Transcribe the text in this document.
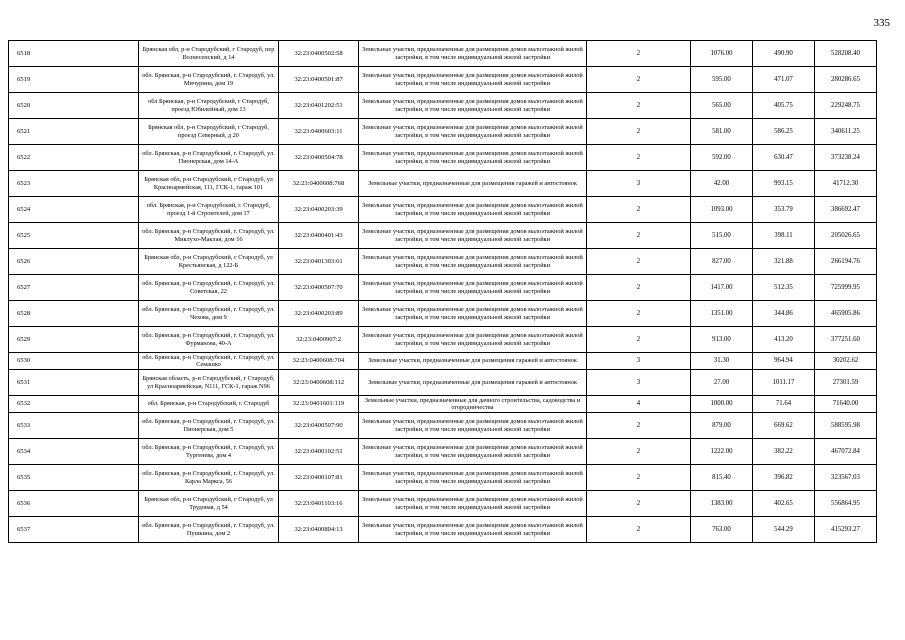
335
6518	Брянская обл, р-н Стародубский, г Стародуб, пер Вознесенский, д 14	32:23:0400502:58	Земельные участки, предназначенные для размещения домов малоэтажной жилой застройки, в том числе индивидуальной жилой застройки	2	1076.00	490.90	528208.40
6519	обл. Брянская, р-н Стародубский, г. Стародуб, ул. Мичурина, дом 19	32:23:0400501:87	Земельные участки, предназначенные для размещения домов малоэтажной жилой застройки, в том числе индивидуальной жилой застройки	2	595.00	471.07	280286.65
6520	обл Брянская, р-н Стародубский, г Стародуб, проезд Юбилейный, дом 13	32:23:0401202:51	Земельные участки, предназначенные для размещения домов малоэтажной жилой застройки, в том числе индивидуальной жилой застройки	2	565.00	405.75	229248.75
6521	Брянская обл, р-н Стародубский, г Стародуб, проезд Северный, д 20	32:23:0400603:11	Земельные участки, предназначенные для размещения домов малоэтажной жилой застройки, в том числе индивидуальной жилой застройки	2	581.00	586.25	340611.25
6522	обл. Брянская, р-н Стародубский, г. Стародуб, ул. Пионерская, дом 14-А	32:23:0400504:78	Земельные участки, предназначенные для размещения домов малоэтажной жилой застройки, в том числе индивидуальной жилой застройки	2	592.00	630.47	373238.24
6523	Брянская обл, р-н Стародубский, г Стародуб, ул Красноармейская, 111, ГСК-1, гараж 101	32:23:0400608:768	Земельные участки, предназначенные для размещения гаражей и автостоянок	3	42.00	993.15	41712.30
6524	обл. Брянская, р-н Стародубский, г. Стародуб, проезд 1-й Строителей, дом 17	32:23:0400203:39	Земельные участки, предназначенные для размещения домов малоэтажной жилой застройки, в том числе индивидуальной жилой застройки	2	1093.00	353.79	386692.47
6525	обл. Брянская, р-н Стародубский, г. Стародуб, ул. Миклухо-Маклая, дом 16	32:23:0400401:43	Земельные участки, предназначенные для размещения домов малоэтажной жилой застройки, в том числе индивидуальной жилой застройки	2	515.00	398.11	205026.65
6526	Брянская обл, р-н Стародубский, г Стародуб, ул Крестьянская, д 122-Б	32:23:0401303:61	Земельные участки, предназначенные для размещения домов малоэтажной жилой застройки, в том числе индивидуальной жилой застройки	2	827.00	321.88	266194.76
6527	обл. Брянская, р-н Стародубский, г. Стародуб, ул. Советская, 22	32:23:0400507:70	Земельные участки, предназначенные для размещения домов малоэтажной жилой застройки, в том числе индивидуальной жилой застройки	2	1417.00	512.35	725999.95
6528	обл. Брянская, р-н Стародубский, г. Стародуб, ул. Чехова, дом 9	32:23:0400203:89	Земельные участки, предназначенные для размещения домов малоэтажной жилой застройки, в том числе индивидуальной жилой застройки	2	1351.00	344.86	465905.86
6529	обл. Брянская, р-н Стародубский, г. Стародуб, ул. Фурманова, 40-А	32:23:0400907:2	Земельные участки, предназначенные для размещения домов малоэтажной жилой застройки, в том числе индивидуальной жилой застройки	2	913.00	413.20	377251.60
6530	обл. Брянская, р-н Стародубский, г. Стародуб, ул. Семашко	32:23:0400608:704	Земельные участки, предназначенные для размещения гаражей и автостоянок	3	31.30	964.94	30202.62
6531	Брянская область, р-н Стародубский, г Стародуб, ул Красноармейская, N111, ГСК-1, гараж N96	32:23:0400608:112	Земельные участки, предназначенные для размещения гаражей и автостоянок	3	27.00	1011.17	27301.59
6532	обл. Брянская, р-н Стародубский, г. Стародуб	32:23:0401601:119	Земельные участки, предназначенные для дачного строительства, садоводства и огородничества	4	1000.00	71.64	71640.00
6533	обл. Брянская, р-н Стародубский, г. Стародуб, ул. Пионерская, дом 5	32:23:0400507:90	Земельные участки, предназначенные для размещения домов малоэтажной жилой застройки, в том числе индивидуальной жилой застройки	2	879.00	669.62	588595.98
6534	обл. Брянская, р-н Стародубский, г. Стародуб, ул. Тургенева, дом 4	32:23:0400102:51	Земельные участки, предназначенные для размещения домов малоэтажной жилой застройки, в том числе индивидуальной жилой застройки	2	1222.00	382.22	467072.84
6535	обл. Брянская, р-н Стародубский, г. Стародуб, ул. Карла Маркса, 56	32:23:0400107:81	Земельные участки, предназначенные для размещения домов малоэтажной жилой застройки, в том числе индивидуальной жилой застройки	2	815.40	396.82	323567.03
6536	Брянская обл, р-н Стародубский, г Стародуб, ул Трудовая, д 54	32:23:0401103:16	Земельные участки, предназначенные для размещения домов малоэтажной жилой застройки, в том числе индивидуальной жилой застройки	2	1383.00	402.65	556864.95
6537	обл. Брянская, р-н Стародубский, г. Стародуб, ул. Пушкина, дом 2	32:23:0400804:13	Земельные участки, предназначенные для размещения домов малоэтажной жилой застройки, в том числе индивидуальной жилой застройки	2	763.00	544.29	415293.27
